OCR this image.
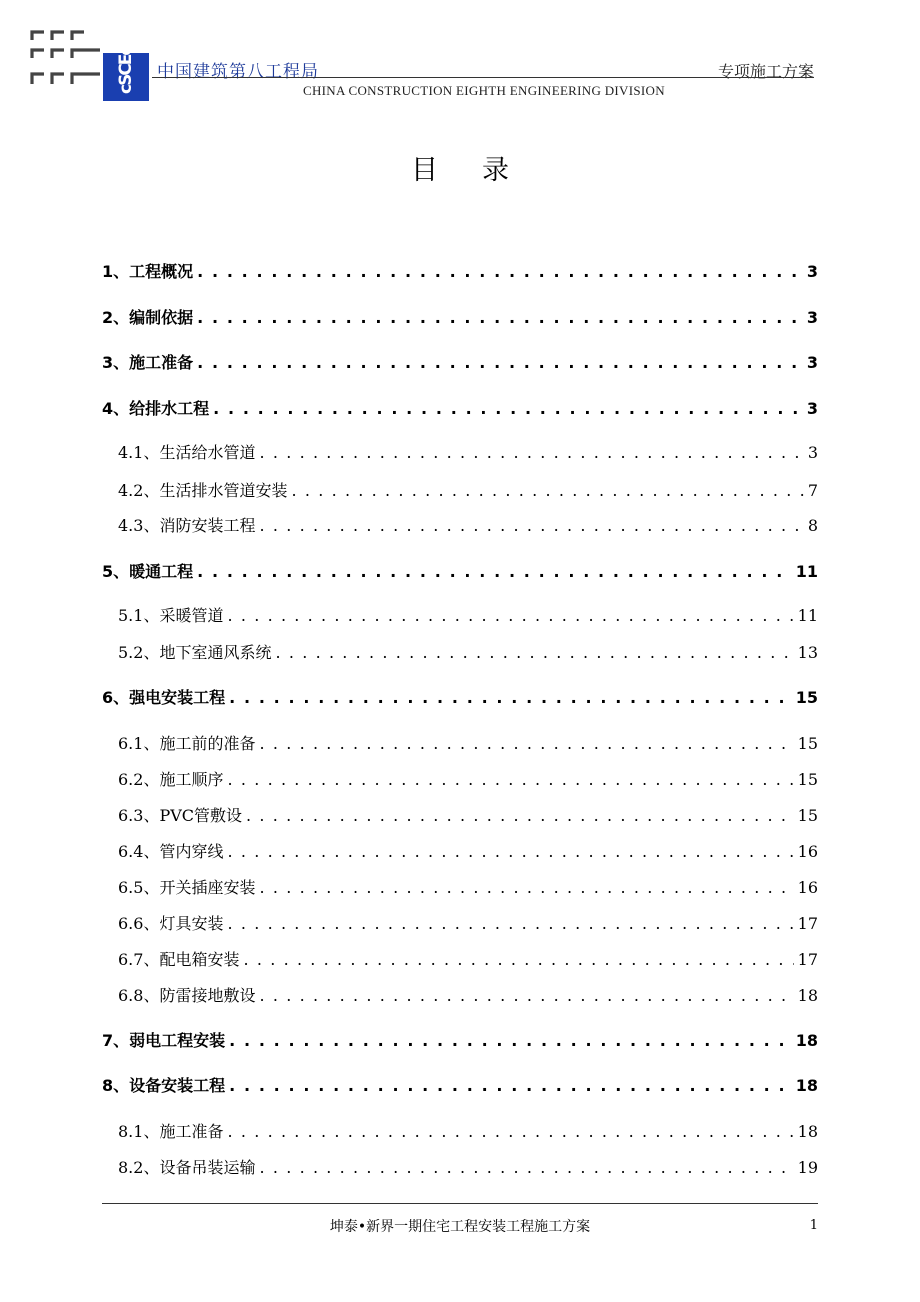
cSCEc 中国建筑第八工程局	专项施工方案
CHINA CONSTRUCTION EIGHTH ENGINEERING DIVISION
目录
1、工程概况 . . .	3
2、编制依据 . . .	3
3、施工准备 . . .	3
4、给排水工程 . . .	3
4.1、生活给水管道 . . .	3
4.2、生活排水管道安装 . . .	7
4.3、消防安装工程 . . .	8
5、暖通工程 . . .	11
5.1、采暖管道 . . .	11
5.2、地下室通风系统 . . .	13
6、强电安装工程 . . .	15
6.1、施工前的准备 . . .	15
6.2、施工顺序 . . .	15
6.3、PVC管敷设 . . .	15
6.4、管内穿线 . . .	16
6.5、开关插座安装 . . .	16
6.6、灯具安装 . . .	17
6.7、配电箱安装 . . .	17
6.8、防雷接地敷设 . . .	18
7、弱电工程安装 . . .	18
8、设备安装工程 . . .	18
8.1、施工准备 . . .	18
8.2、设备吊装运输 . . .	19
坤泰•新界一期住宅工程安装工程施工方案	1
